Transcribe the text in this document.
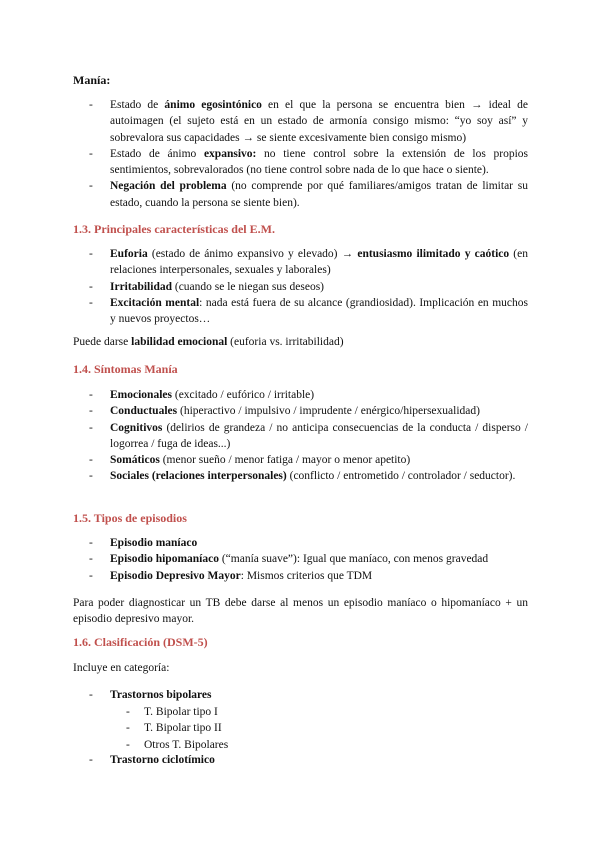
Manía:
- Estado de ánimo egosintónico en el que la persona se encuentra bien → ideal de autoimagen (el sujeto está en un estado de armonía consigo mismo: “yo soy así” y sobrevalora sus capacidades → se siente excesivamente bien consigo mismo)
- Estado de ánimo expansivo: no tiene control sobre la extensión de los propios sentimientos, sobrevalorados (no tiene control sobre nada de lo que hace o siente).
- Negación del problema (no comprende por qué familiares/amigos tratan de limitar su estado, cuando la persona se siente bien).
1.3. Principales características del E.M.
- Euforia (estado de ánimo expansivo y elevado) → entusiasmo ilimitado y caótico (en relaciones interpersonales, sexuales y laborales)
- Irritabilidad (cuando se le niegan sus deseos)
- Excitación mental: nada está fuera de su alcance (grandiosidad). Implicación en muchos y nuevos proyectos…
Puede darse labilidad emocional (euforia vs. irritabilidad)
1.4. Síntomas Manía
- Emocionales (excitado / eufórico / irritable)
- Conductuales (hiperactivo / impulsivo / imprudente / enérgico/hipersexualidad)
- Cognitivos (delirios de grandeza / no anticipa consecuencias de la conducta / disperso / logorrea / fuga de ideas...)
- Somáticos (menor sueño / menor fatiga / mayor o menor apetito)
- Sociales (relaciones interpersonales) (conflicto / entrometido / controlador / seductor).
1.5. Tipos de episodios
- Episodio maníaco
- Episodio hipomaníaco (“manía suave”): Igual que maníaco, con menos gravedad
- Episodio Depresivo Mayor: Mismos criterios que TDM
Para poder diagnosticar un TB debe darse al menos un episodio maníaco o hipomaníaco + un episodio depresivo mayor.
1.6. Clasificación (DSM-5)
Incluye en categoría:
- Trastornos bipolares
- T. Bipolar tipo I
- T. Bipolar tipo II
- Otros T. Bipolares
- Trastorno ciclotímico
